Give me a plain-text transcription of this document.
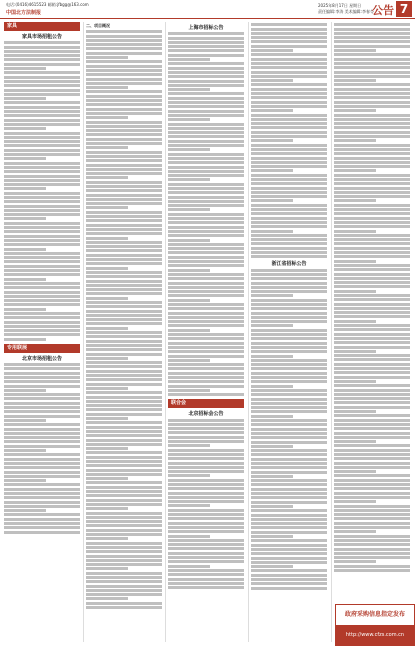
电话:(0416)4615523 邮箱:jfbgg@163.com
中国北方法制报
2025年8月17日 星期日
责任编辑:李涛 美术编辑:李春苓
公告 7
家具
家具市场招租公告
专用联展
北京市场招租公告
二、项目概况	上海市招标公告
联合会
北京招标会公告
浙江省招标公告
政府采购信息指定发布
http://www.cfzs.com.cn
